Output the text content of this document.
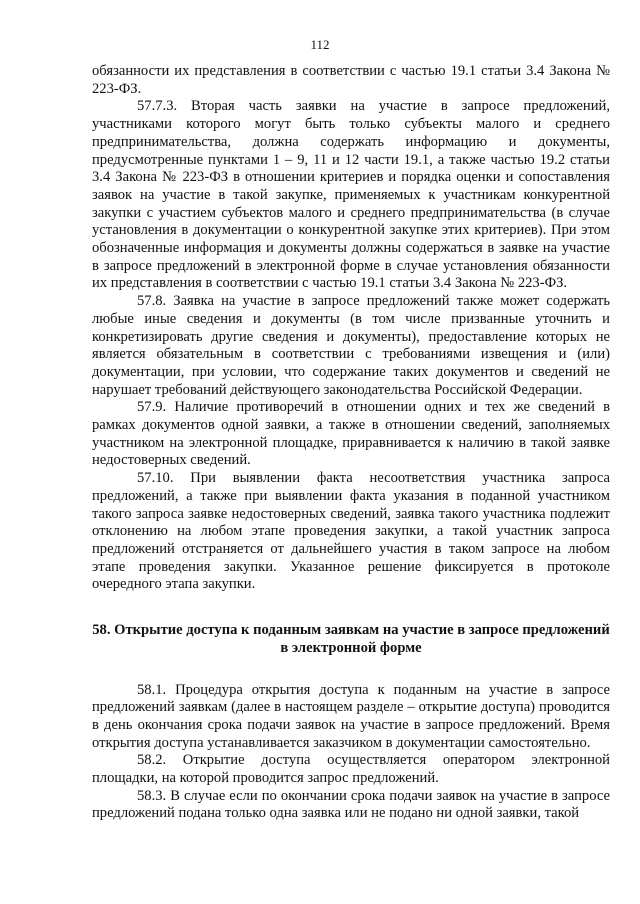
112

обязанности их представления в соответствии с частью 19.1 статьи 3.4 Закона № 223-ФЗ.

57.7.3. Вторая часть заявки на участие в запросе предложений, участниками которого могут быть только субъекты малого и среднего предпринимательства, должна содержать информацию и документы, предусмотренные пунктами 1 – 9, 11 и 12 части 19.1, а также частью 19.2 статьи 3.4 Закона № 223-ФЗ в отношении критериев и порядка оценки и сопоставления заявок на участие в такой закупке, применяемых к участникам конкурентной закупки с участием субъектов малого и среднего предпринимательства (в случае установления в документации о конкурентной закупке этих критериев). При этом обозначенные информация и документы должны содержаться в заявке на участие в запросе предложений в электронной форме в случае установления обязанности их представления в соответствии с частью 19.1 статьи 3.4 Закона № 223-ФЗ.

57.8. Заявка на участие в запросе предложений также может содержать любые иные сведения и документы (в том числе призванные уточнить и конкретизировать другие сведения и документы), предоставление которых не является обязательным в соответствии с требованиями извещения и (или) документации, при условии, что содержание таких документов и сведений не нарушает требований действующего законодательства Российской Федерации.

57.9. Наличие противоречий в отношении одних и тех же сведений в рамках документов одной заявки, а также в отношении сведений, заполняемых участником на электронной площадке, приравнивается к наличию в такой заявке недостоверных сведений.

57.10. При выявлении факта несоответствия участника запроса предложений, а также при выявлении факта указания в поданной участником такого запроса заявке недостоверных сведений, заявка такого участника подлежит отклонению на любом этапе проведения закупки, а такой участник запроса предложений отстраняется от дальнейшего участия в таком запросе на любом этапе проведения закупки. Указанное решение фиксируется в протоколе очередного этапа закупки.

58. Открытие доступа к поданным заявкам на участие в запросе предложений в электронной форме

58.1. Процедура открытия доступа к поданным на участие в запросе предложений заявкам (далее в настоящем разделе – открытие доступа) проводится в день окончания срока подачи заявок на участие в запросе предложений. Время открытия доступа устанавливается заказчиком в документации самостоятельно.

58.2. Открытие доступа осуществляется оператором электронной площадки, на которой проводится запрос предложений.

58.3. В случае если по окончании срока подачи заявок на участие в запросе предложений подана только одна заявка или не подано ни одной заявки, такой
